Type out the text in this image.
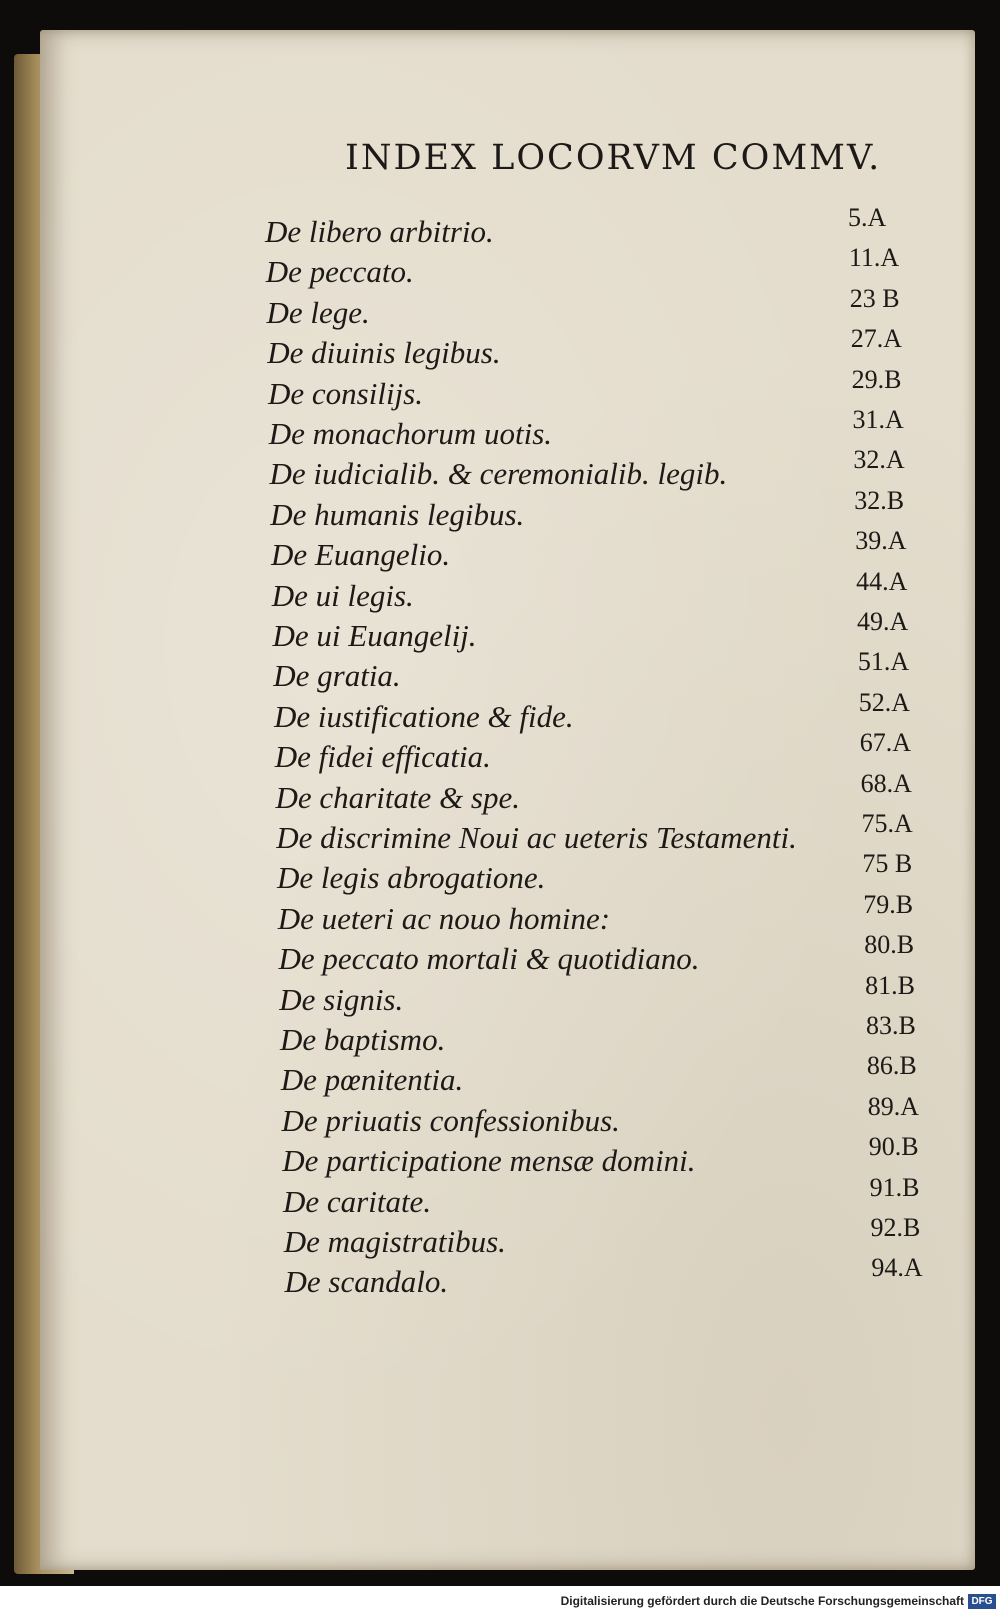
INDEX LOCORVM COMMV.
De libero arbitrio.	5.A
De peccato.	11.A
De lege.	23 B
De diuinis legibus.	27.A
De consilijs.	29.B
De monachorum uotis.	31.A
De iudicialib. & ceremonialib. legib.	32.A
De humanis legibus.	32.B
De Euangelio.	39.A
De ui legis.	44.A
De ui Euangelij.	49.A
De gratia.	51.A
De iustificatione & fide.	52.A
De fidei efficatia.	67.A
De charitate & spe.	68.A
De discrimine Noui ac ueteris Testamenti. 75.A
De legis abrogatione.	75 B
De ueteri ac nouo homine:	79.B
De peccato mortali & quotidiano.	80.B
De signis.	81.B
De baptismo.	83.B
De pœnitentia.	86.B
De priuatis confessionibus.	89.A
De participatione mensæ domini.	90.B
De caritate.	91.B
De magistratibus.	92.B
De scandalo.	94.A
Digitalisierung gefördert durch die Deutsche Forschungsgemeinschaft DFG
